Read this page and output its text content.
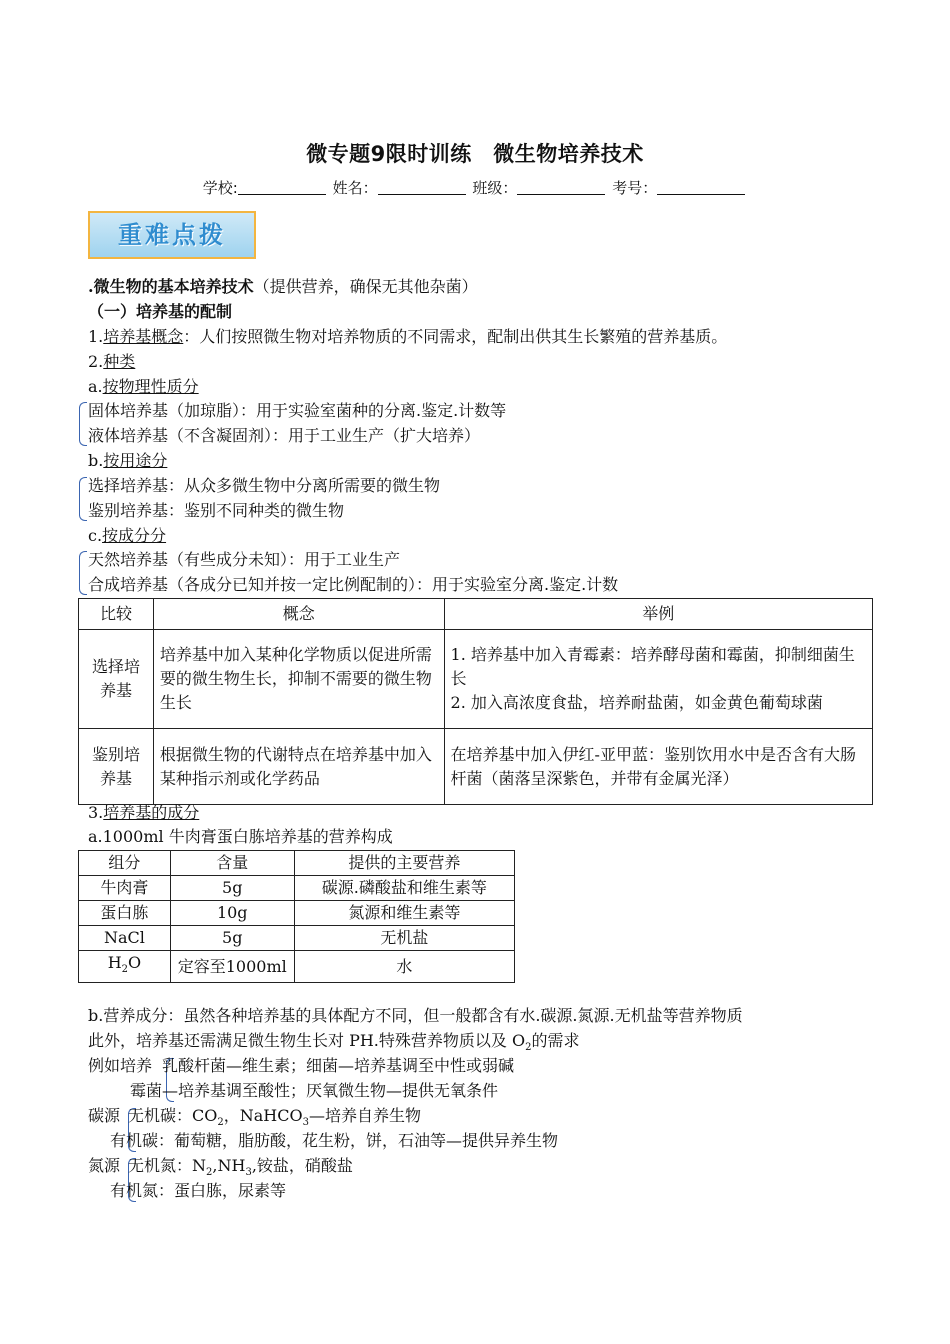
微专题9限时训练　微生物培养技术
学校:	姓名：	班级：	考号：
重难点拨
.微生物的基本培养技术（提供营养，确保无其他杂菌）
（一）培养基的配制
1.培养基概念：人们按照微生物对培养物质的不同需求，配制出供其生长繁殖的营养基质。
2.种类
a.按物理性质分
固体培养基（加琼脂）：用于实验室菌种的分离.鉴定.计数等
液体培养基（不含凝固剂）：用于工业生产（扩大培养）
b.按用途分
选择培养基：从众多微生物中分离所需要的微生物
鉴别培养基：鉴别不同种类的微生物
c.按成分分
天然培养基（有些成分未知）：用于工业生产
合成培养基（各成分已知并按一定比例配制的）：用于实验室分离.鉴定.计数
比较	概念	举例
选择培养基	培养基中加入某种化学物质以促进所需要的微生物生长，抑制不需要的微生物生长	1. 培养基中加入青霉素：培养酵母菌和霉菌，抑制细菌生长
2. 加入高浓度食盐，培养耐盐菌，如金黄色葡萄球菌

鉴别培养基	根据微生物的代谢特点在培养基中加入某种指示剂或化学药品	在培养基中加入伊红-亚甲蓝：鉴别饮用水中是否含有大肠杆菌（菌落呈深紫色，并带有金属光泽）
3.培养基的成分
a.1000ml 牛肉膏蛋白胨培养基的营养构成
组分	含量	提供的主要营养
牛肉膏	5g	碳源.磷酸盐和维生素等
蛋白胨	10g	氮源和维生素等
NaCl	5g	无机盐
$H_2O$	定容至1000ml	水
b.营养成分：虽然各种培养基的具体配方不同，但一般都含有水.碳源.氮源.无机盐等营养物质
此外，培养基还需满足微生物生长对 PH.特殊营养物质以及 $O_2$的需求
例如培养 乳酸杆菌—维生素；细菌—培养基调至中性或弱碱
霉菌—培养基调至酸性；厌氧微生物—提供无氧条件
碳源 无机碳：$CO_2$，NaHCO$_3$—培养自养生物
有机碳：葡萄糖，脂肪酸，花生粉，饼，石油等—提供异养生物
氮源 无机氮：$N_2,NH_3$,铵盐，硝酸盐
有机氮：蛋白胨，尿素等
